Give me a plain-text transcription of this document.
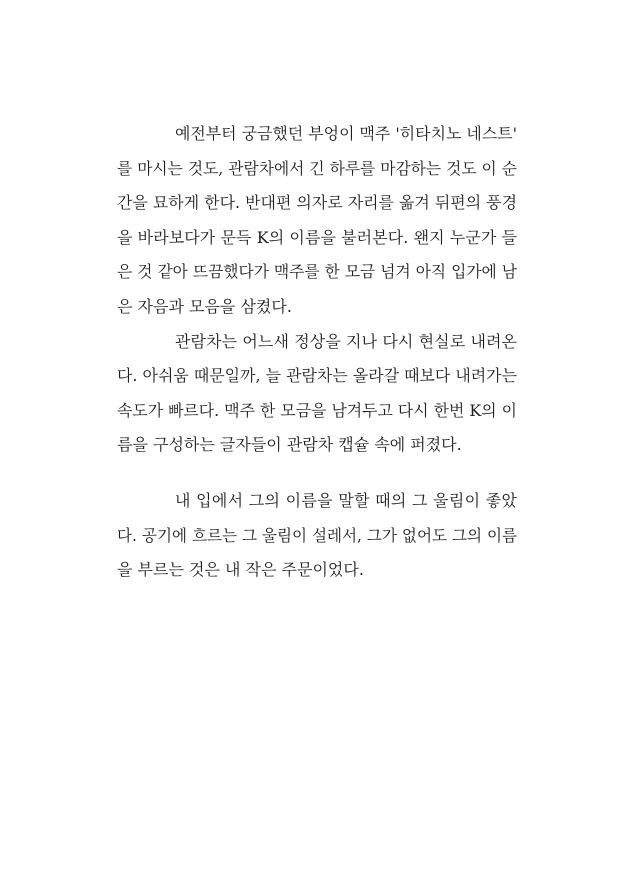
예전부터 궁금했던 부엉이 맥주 '히타치노 네스트'
를 마시는 것도, 관람차에서 긴 하루를 마감하는 것도 이 순
간을 묘하게 한다. 반대편 의자로 자리를 옮겨 뒤편의 풍경
을 바라보다가 문득 K의 이름을 불러본다. 왠지 누군가 들
은 것 같아 뜨끔했다가 맥주를 한 모금 넘겨 아직 입가에 남
은 자음과 모음을 삼켰다.
관람차는 어느새 정상을 지나 다시 현실로 내려온
다. 아쉬움 때문일까, 늘 관람차는 올라갈 때보다 내려가는
속도가 빠르다. 맥주 한 모금을 남겨두고 다시 한번 K의 이
름을 구성하는 글자들이 관람차 캡슐 속에 퍼졌다.
내 입에서 그의 이름을 말할 때의 그 울림이 좋았
다. 공기에 흐르는 그 울림이 설레서, 그가 없어도 그의 이름
을 부르는 것은 내 작은 주문이었다.
